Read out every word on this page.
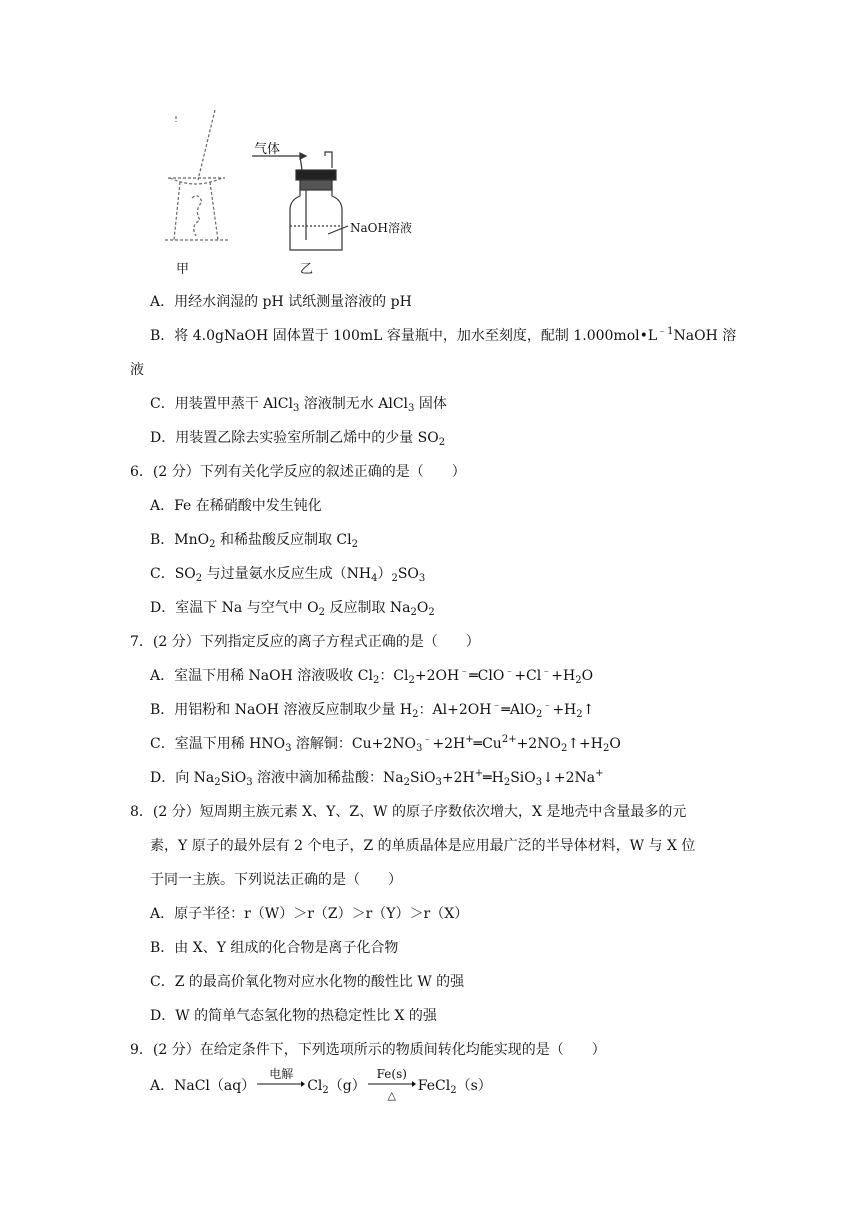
气体
NaOH溶液
甲	乙
A．用经水润湿的 pH 试纸测量溶液的 pH
B．将 4.0gNaOH 固体置于 100mL 容量瓶中，加水至刻度，配制 $1.000mol•L^{﹣1}NaOH$ 溶
液
C．用装置甲蒸干 AlCl$_3$ 溶液制无水 AlCl$_3$ 固体
D．用装置乙除去实验室所制乙烯中的少量 $SO_2$
6．(2 分）下列有关化学反应的叙述正确的是（　　）
A．Fe 在稀硝酸中发生钝化
B．MnO$_2$ 和稀盐酸反应制取 $Cl_2$
C．$SO_2$ 与过量氨水反应生成$(NH_4)_2SO_3$
D．室温下 Na 与空气中 $O_2$ 反应制取 $Na_2O_2$
7．(2 分）下列指定反应的离子方程式正确的是（　　）
A．室温下用稀 NaOH 溶液吸收 $Cl_2$：$Cl_2+2OH^﹣═ClO^﹣+Cl^﹣+H_2O$
B．用铝粉和 NaOH 溶液反应制取少量 $H_2$：$Al+2OH^﹣═AlO_2^﹣+H_2↑$
C．室温下用稀 $HNO_3$ 溶解铜：$Cu+2NO_3^﹣+2H^+═Cu^{2+}+2NO_2↑+H_2O$
D．向 $Na_2SiO_3$ 溶液中滴加稀盐酸：$Na_2SiO_3+2H^+═H_2SiO_3↓+2Na^+$
8．(2 分）短周期主族元素 X、Y、Z、W 的原子序数依次增大，X 是地壳中含量最多的元
素，Y 原子的最外层有 2 个电子，Z 的单质晶体是应用最广泛的半导体材料，W 与 X 位
于同一主族。下列说法正确的是（　　）
A．原子半径：r（W）＞r（Z）＞r（Y）＞r（X）
B．由 X、Y 组成的化合物是离子化合物
C．Z 的最高价氧化物对应水化物的酸性比 W 的强
D．W 的简单气态氢化物的热稳定性比 X 的强
9．(2 分）在给定条件下，下列选项所示的物质间转化均能实现的是（　　）
A．NaCl（aq）
电解
$Cl_2(g)$
Fe(s)
△
FeCl$_2$（s）
